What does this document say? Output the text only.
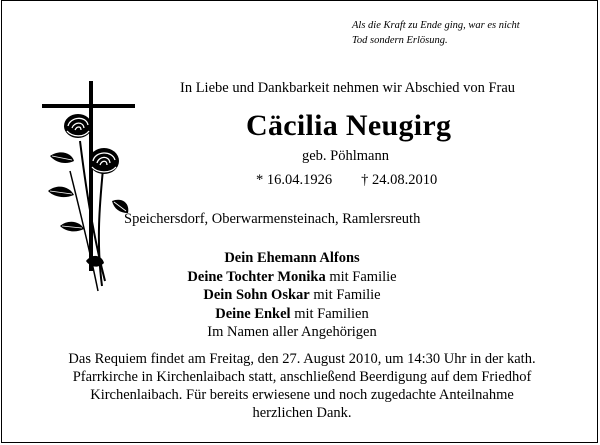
Als die Kraft zu Ende ging, war es nicht
Tod sondern Erlösung.
In Liebe und Dankbarkeit nehmen wir Abschied von Frau
Cäcilia Neugirg
geb. Pöhlmann
* 16.04.1926 † 24.08.2010
Speichersdorf, Oberwarmensteinach, Ramlersreuth
Dein Ehemann Alfons
Deine Tochter Monika mit Familie
Dein Sohn Oskar mit Familie
Deine Enkel mit Familien
Im Namen aller Angehörigen
Das Requiem findet am Freitag, den 27. August 2010, um 14:30 Uhr in der kath.
Pfarrkirche in Kirchenlaibach statt, anschließend Beerdigung auf dem Friedhof
Kirchenlaibach. Für bereits erwiesene und noch zugedachte Anteilnahme
herzlichen Dank.
